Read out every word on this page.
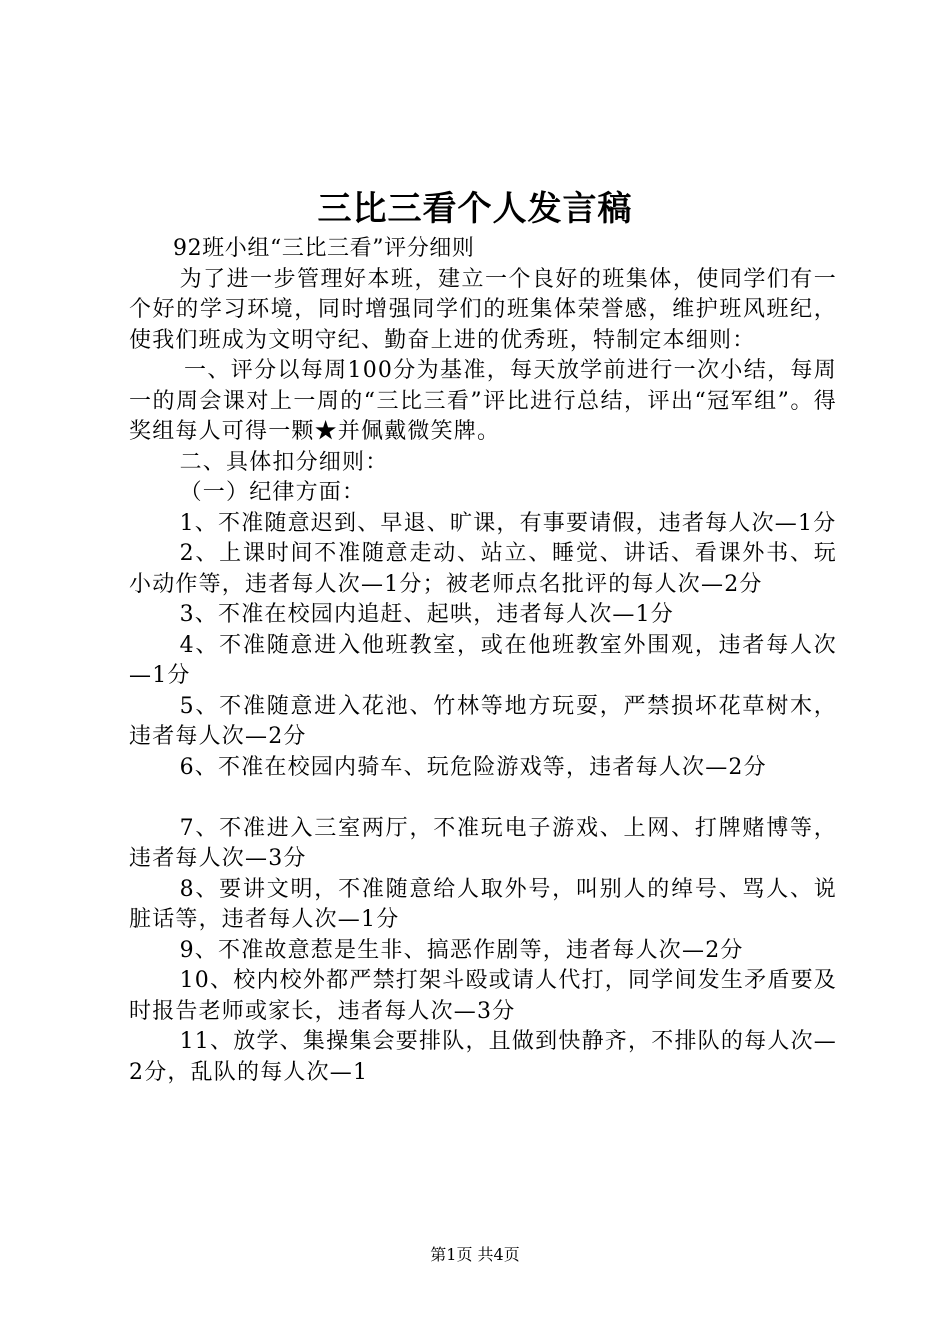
三比三看个人发言稿

92班小组“三比三看”评分细则

为了进一步管理好本班，建立一个良好的班集体，使同学们有一个好的学习环境，同时增强同学们的班集体荣誉感，维护班风班纪，使我们班成为文明守纪、勤奋上进的优秀班，特制定本细则：

一、评分以每周100分为基准，每天放学前进行一次小结，每周一的周会课对上一周的“三比三看”评比进行总结，评出“冠军组”。得奖组每人可得一颗★并佩戴微笑牌。

二、具体扣分细则：

（一）纪律方面：

1、不准随意迟到、早退、旷课，有事要请假，违者每人次—1分

2、上课时间不准随意走动、站立、睡觉、讲话、看课外书、玩小动作等，违者每人次—1分；被老师点名批评的每人次—2分

3、不准在校园内追赶、起哄，违者每人次—1分

4、不准随意进入他班教室，或在他班教室外围观，违者每人次—1分

5、不准随意进入花池、竹林等地方玩耍，严禁损坏花草树木，违者每人次—2分

6、不准在校园内骑车、玩危险游戏等，违者每人次—2分

7、不准进入三室两厅，不准玩电子游戏、上网、打牌赌博等，违者每人次—3分

8、要讲文明，不准随意给人取外号，叫别人的绰号、骂人、说脏话等，违者每人次—1分

9、不准故意惹是生非、搞恶作剧等，违者每人次—2分

10、校内校外都严禁打架斗殴或请人代打，同学间发生矛盾要及时报告老师或家长，违者每人次—3分

11、放学、集操集会要排队，且做到快静齐，不排队的每人次—2分，乱队的每人次—1

第1页 共4页
